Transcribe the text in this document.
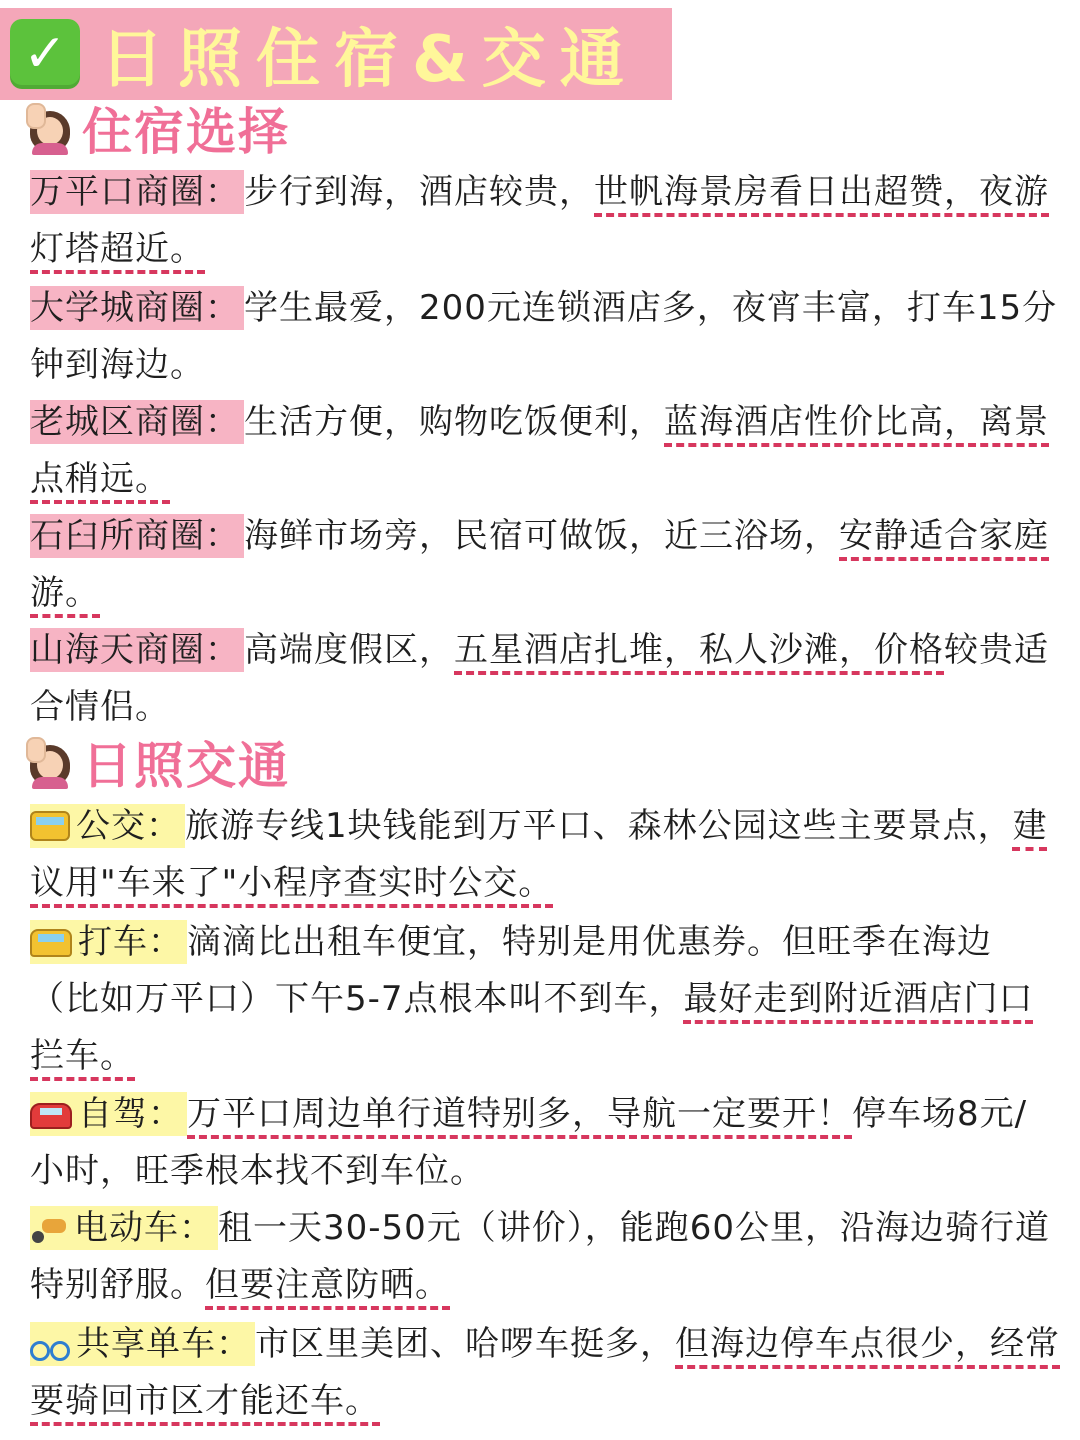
✓ 日照住宿&交通
住宿选择
万平口商圈： 步行到海，酒店较贵，世帆海景房看日出超赞，夜游灯塔超近。
大学城商圈： 学生最爱，200元连锁酒店多，夜宵丰富，打车15分钟到海边。
老城区商圈： 生活方便，购物吃饭便利，蓝海酒店性价比高，离景点稍远。
石臼所商圈： 海鲜市场旁，民宿可做饭，近三浴场，安静适合家庭游。
山海天商圈： 高端度假区，五星酒店扎堆，私人沙滩，价格较贵适合情侣。
日照交通
公交： 旅游专线1块钱能到万平口、森林公园这些主要景点，建议用"车来了"小程序查实时公交。
打车： 滴滴比出租车便宜，特别是用优惠券。但旺季在海边（比如万平口）下午5-7点根本叫不到车，最好走到附近酒店门口拦车。
自驾： 万平口周边单行道特别多，导航一定要开！停车场8元/小时，旺季根本找不到车位。
电动车： 租一天30-50元（讲价），能跑60公里，沿海边骑行道特别舒服。但要注意防晒。
共享单车： 市区里美团、哈啰车挺多，但海边停车点很少，经常要骑回市区才能还车。
